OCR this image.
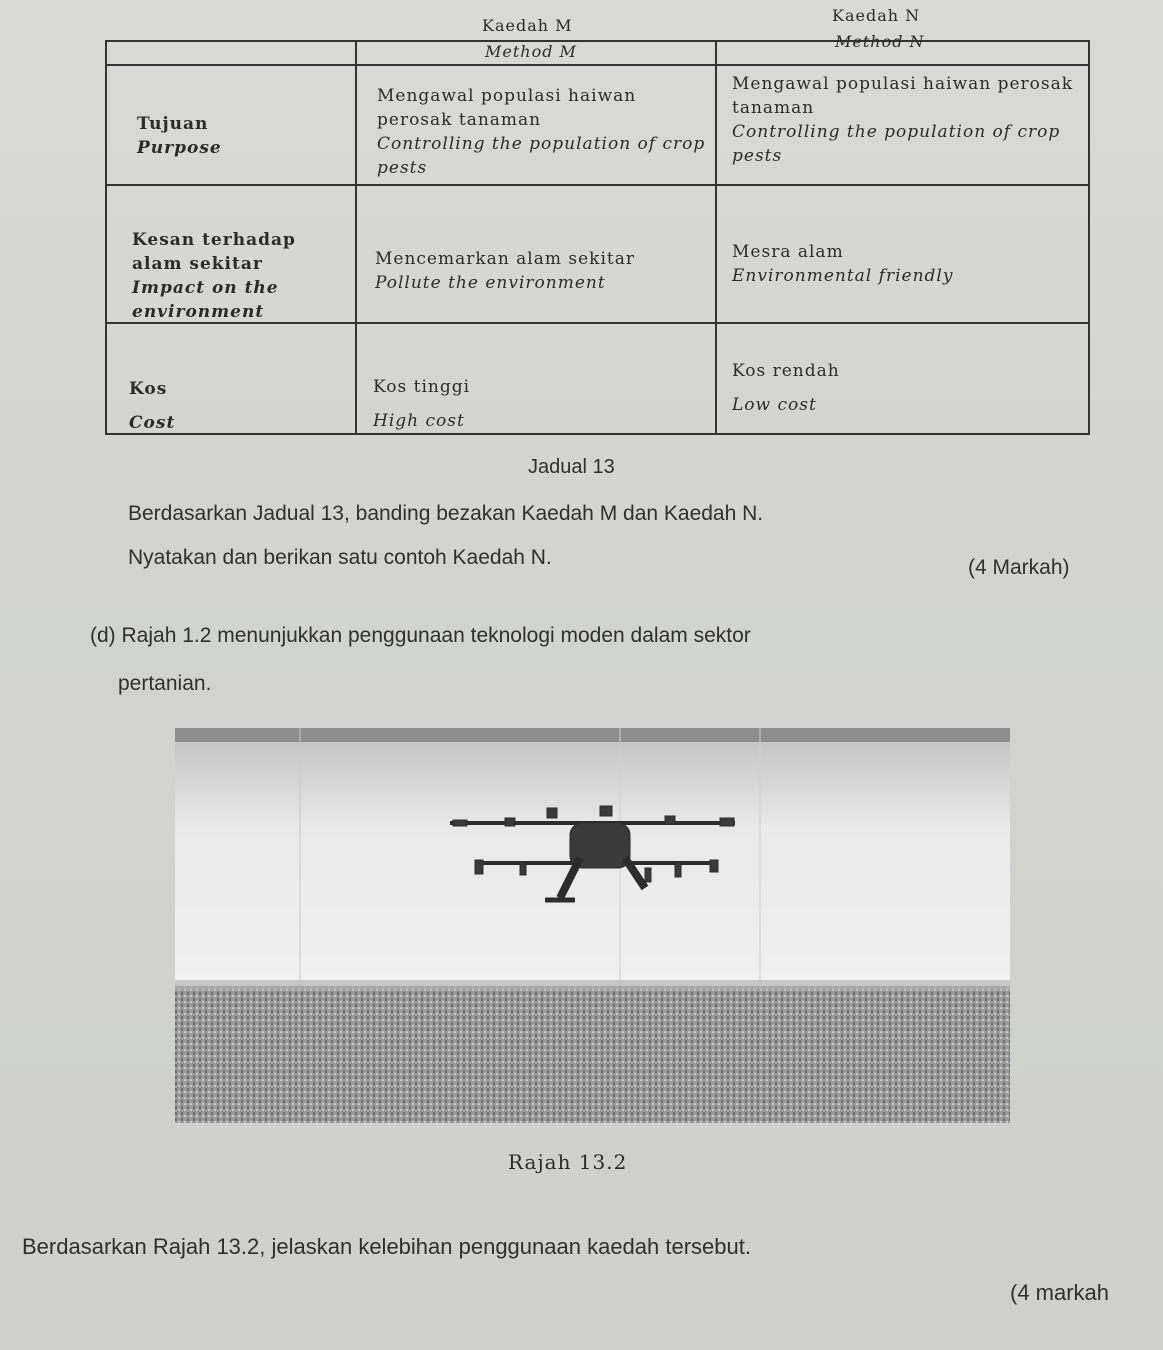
Kaedah M
Method M
Kaedah N
Method N
Tujuan
Purpose
Mengawal populasi haiwan perosak tanaman
Controlling the population of crop pests
Mengawal populasi haiwan perosak tanaman
Controlling the population of crop pests
Kesan terhadap alam sekitar
Impact on the environment
Mencemarkan alam sekitar
Pollute the environment
Mesra alam
Environmental friendly
Kos
Cost
Kos tinggi
High cost
Kos rendah
Low cost
Jadual 13
Berdasarkan Jadual 13, banding bezakan Kaedah M dan Kaedah N.
Nyatakan dan berikan satu contoh Kaedah N.	(4 Markah)
(d) Rajah 1.2 menunjukkan penggunaan teknologi moden dalam sektor
pertanian.
Rajah 13.2
Berdasarkan Rajah 13.2, jelaskan kelebihan penggunaan kaedah tersebut.
(4 markah
